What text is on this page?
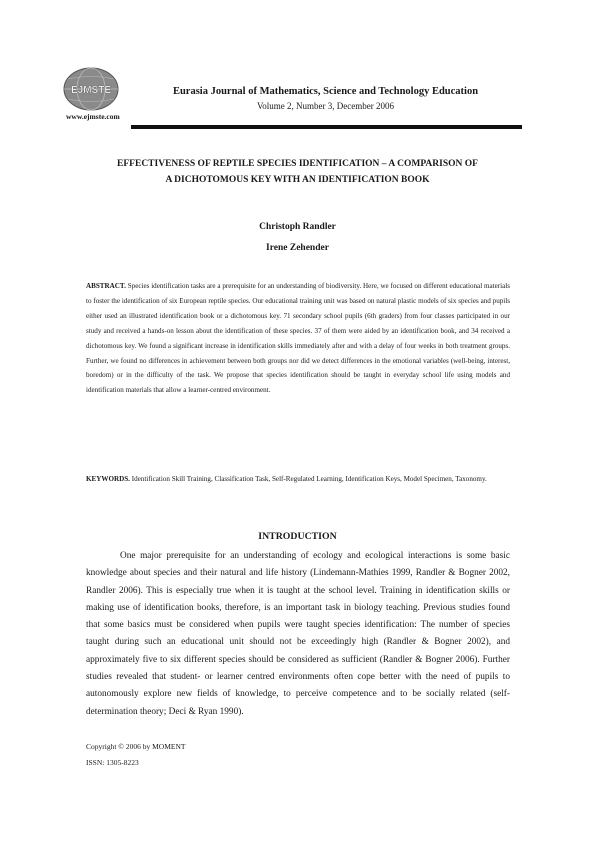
EJMSTE
www.ejmste.com
Eurasia Journal of Mathematics, Science and Technology Education
Volume 2, Number 3, December 2006
EFFECTIVENESS OF REPTILE SPECIES IDENTIFICATION – A COMPARISON OF
A DICHOTOMOUS KEY WITH AN IDENTIFICATION BOOK
Christoph Randler
Irene Zehender

ABSTRACT. Species identification tasks are a prerequisite for an understanding of biodiversity. Here, we focused on different educational materials to foster the identification of six European reptile species. Our educational training unit was based on natural plastic models of six species and pupils either used an illustrated identification book or a dichotomous key. 71 secondary school pupils (6th graders) from four classes participated in our study and received a hands-on lesson about the identification of these species. 37 of them were aided by an identification book, and 34 received a dichotomous key. We found a significant increase in identification skills immediately after and with a delay of four weeks in both treatment groups. Further, we found no differences in achievement between both groups nor did we detect differences in the emotional variables (well-being, interest, boredom) or in the difficulty of the task. We propose that species identification should be taught in everyday school life using models and identification materials that allow a learner-centred environment.

KEYWORDS. Identification Skill Training, Classification Task, Self-Regulated Learning, Identification Keys, Model Specimen, Taxonomy.

INTRODUCTION

One major prerequisite for an understanding of ecology and ecological interactions is some basic knowledge about species and their natural and life history (Lindemann-Mathies 1999, Randler & Bogner 2002, Randler 2006). This is especially true when it is taught at the school level. Training in identification skills or making use of identification books, therefore, is an important task in biology teaching. Previous studies found that some basics must be considered when pupils were taught species identification: The number of species taught during such an educational unit should not be exceedingly high (Randler & Bogner 2002), and approximately five to six different species should be considered as sufficient (Randler & Bogner 2006). Further studies revealed that student- or learner centred environments often cope better with the need of pupils to autonomously explore new fields of knowledge, to perceive competence and to be socially related (self-determination theory; Deci & Ryan 1990).

Copyright © 2006 by MOMENT
ISSN: 1305-8223
